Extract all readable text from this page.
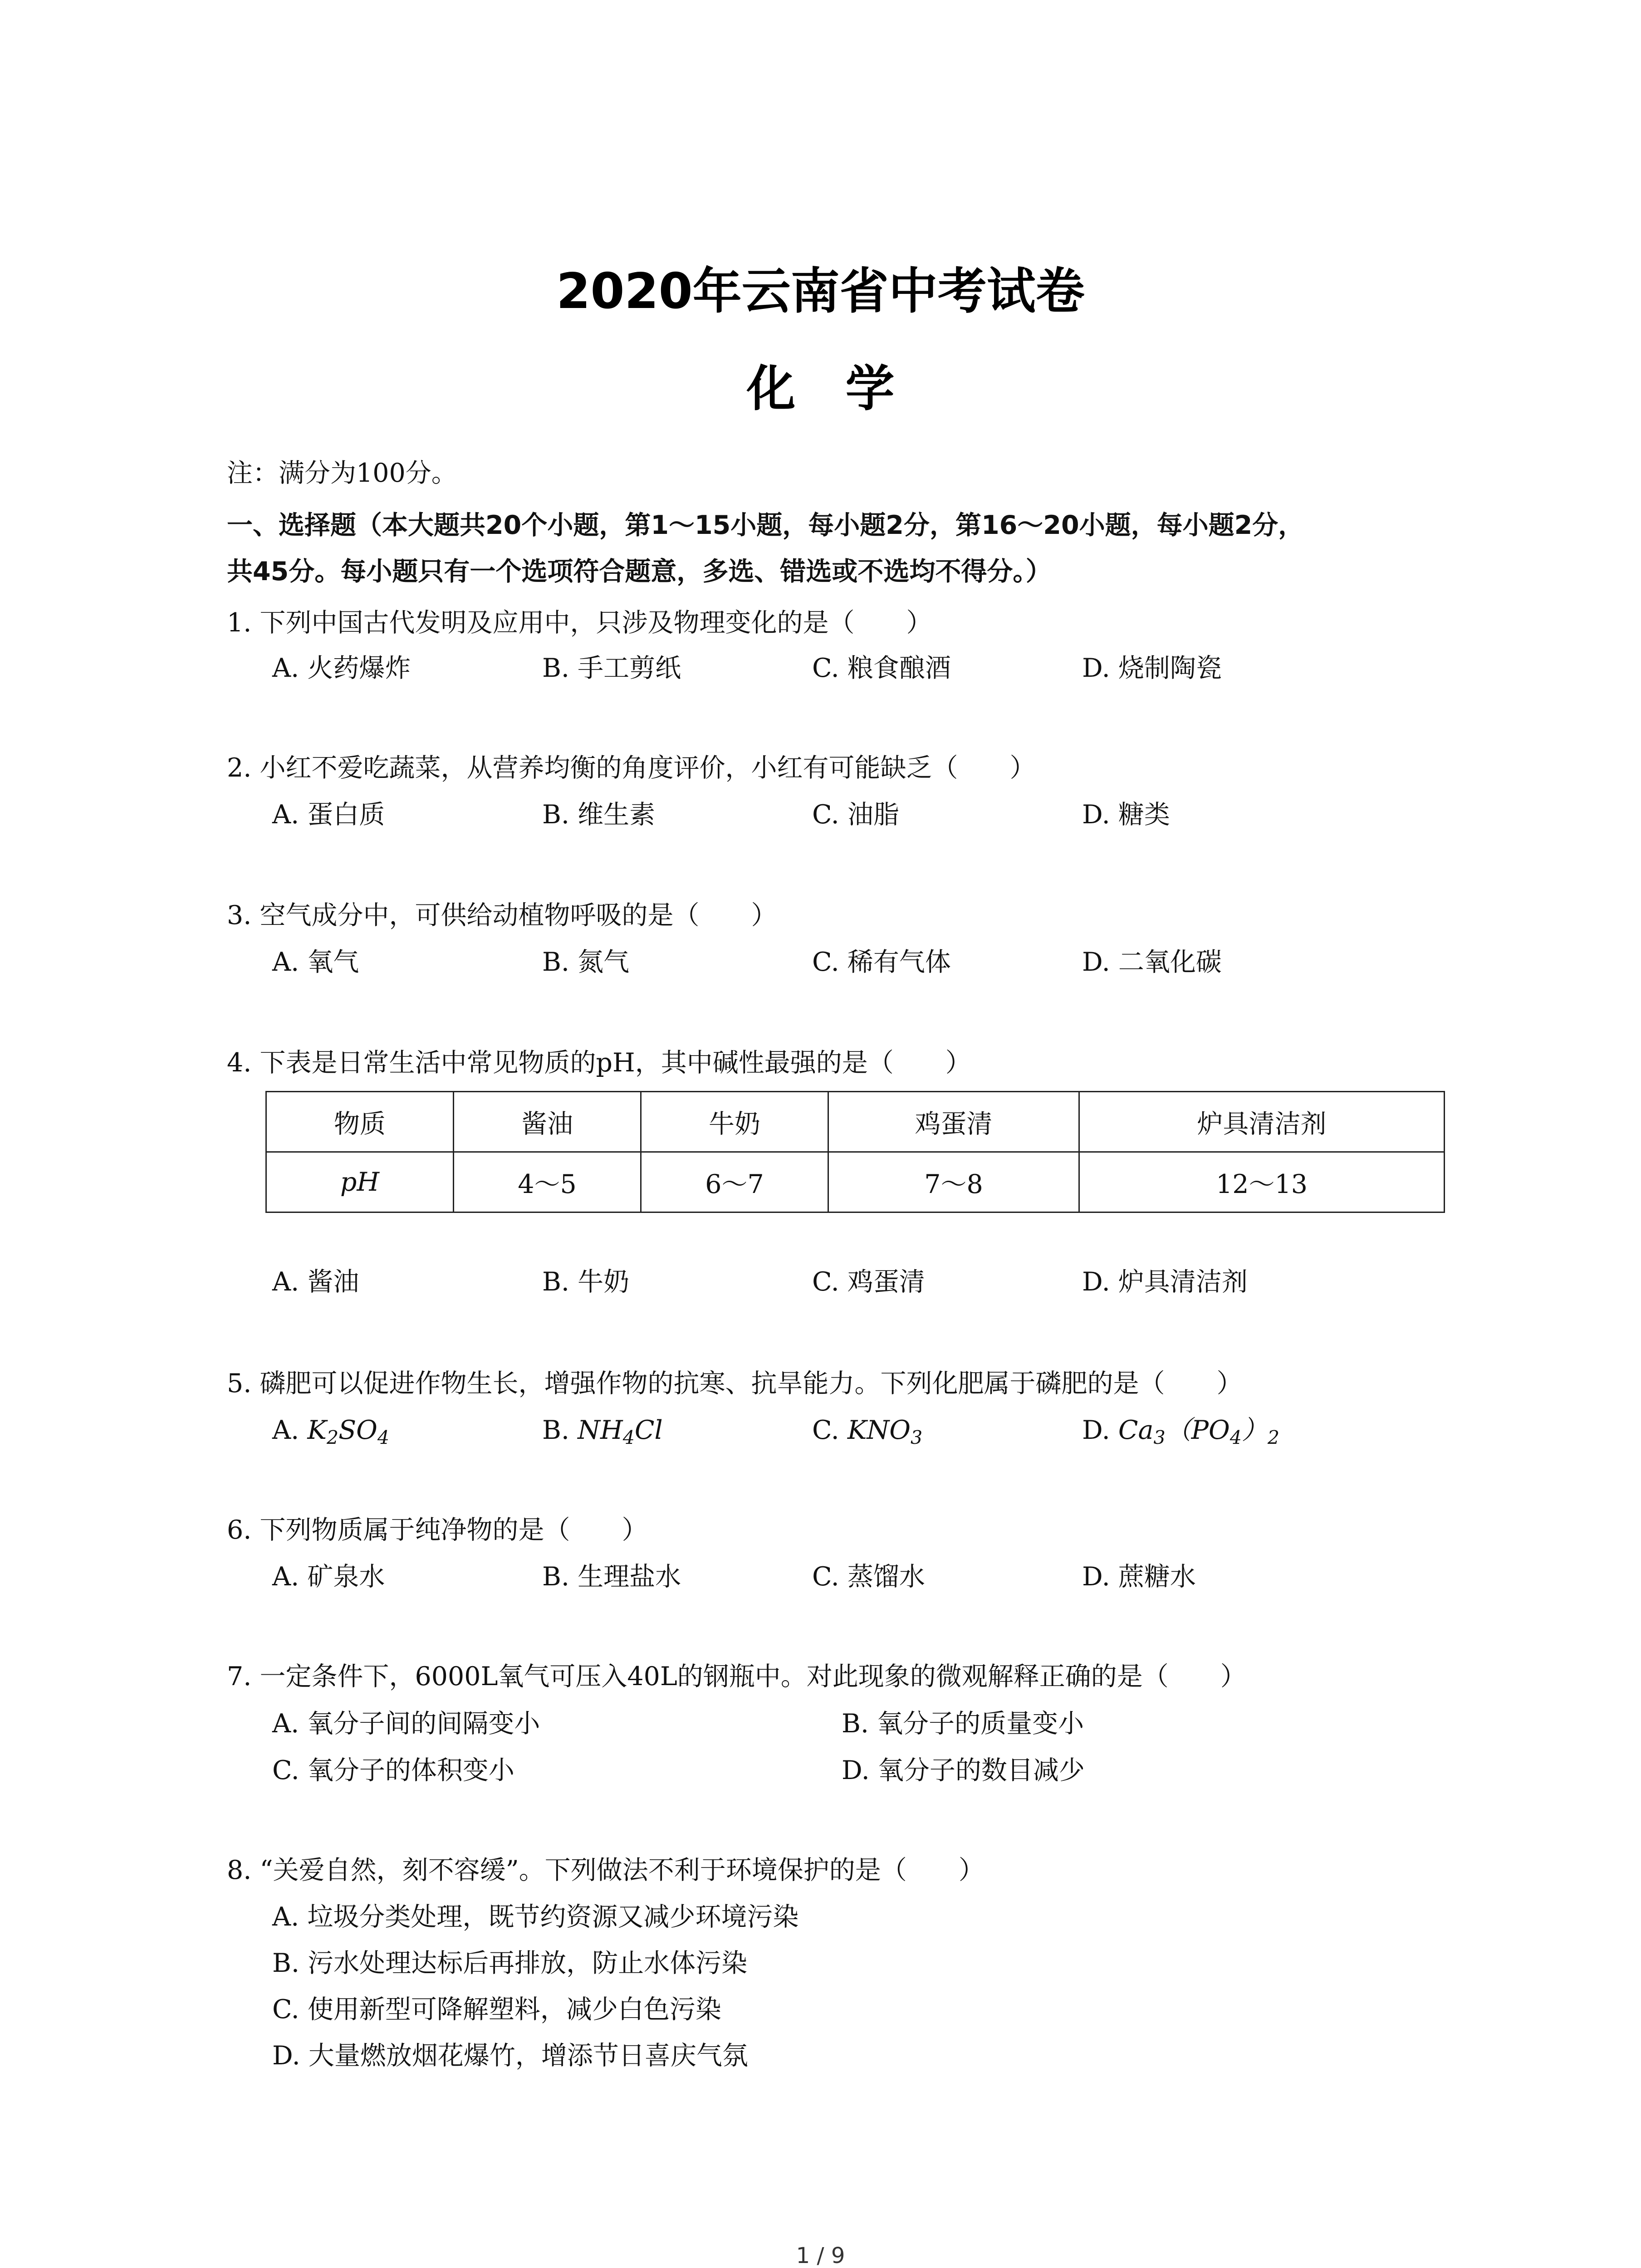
2020年云南省中考试卷
化学
注：满分为100分。
一、选择题（本大题共20个小题，第1～15小题，每小题2分，第16～20小题，每小题2分，
共45分。每小题只有一个选项符合题意，多选、错选或不选均不得分。）
1. 下列中国古代发明及应用中，只涉及物理变化的是（　　）
A. 火药爆炸	B. 手工剪纸	C. 粮食酿酒	D. 烧制陶瓷
2. 小红不爱吃蔬菜，从营养均衡的角度评价，小红有可能缺乏（　　）
A. 蛋白质	B. 维生素	C. 油脂	D. 糖类
3. 空气成分中，可供给动植物呼吸的是（　　）
A. 氧气	B. 氮气	C. 稀有气体	D. 二氧化碳
4. 下表是日常生活中常见物质的pH，其中碱性最强的是（　　）
物质	酱油	牛奶	鸡蛋清	炉具清洁剂
pH	4～5	6～7	7～8	12～13
A. 酱油	B. 牛奶	C. 鸡蛋清	D. 炉具清洁剂
5. 磷肥可以促进作物生长，增强作物的抗寒、抗旱能力。下列化肥属于磷肥的是（　　）
A. $K_2SO_4$	B. $NH_4Cl$	C. $KNO_3$	D. $Ca_3(PO_4)_2$
6. 下列物质属于纯净物的是（　　）
A. 矿泉水	B. 生理盐水	C. 蒸馏水	D. 蔗糖水
7. 一定条件下，6000L氧气可压入40L的钢瓶中。对此现象的微观解释正确的是（　　）
A. 氧分子间的间隔变小	B. 氧分子的质量变小
C. 氧分子的体积变小	D. 氧分子的数目减少
8. “关爱自然，刻不容缓”。下列做法不利于环境保护的是（　　）
A. 垃圾分类处理，既节约资源又减少环境污染
B. 污水处理达标后再排放，防止水体污染
C. 使用新型可降解塑料，减少白色污染
D. 大量燃放烟花爆竹，增添节日喜庆气氛
1 / 9
